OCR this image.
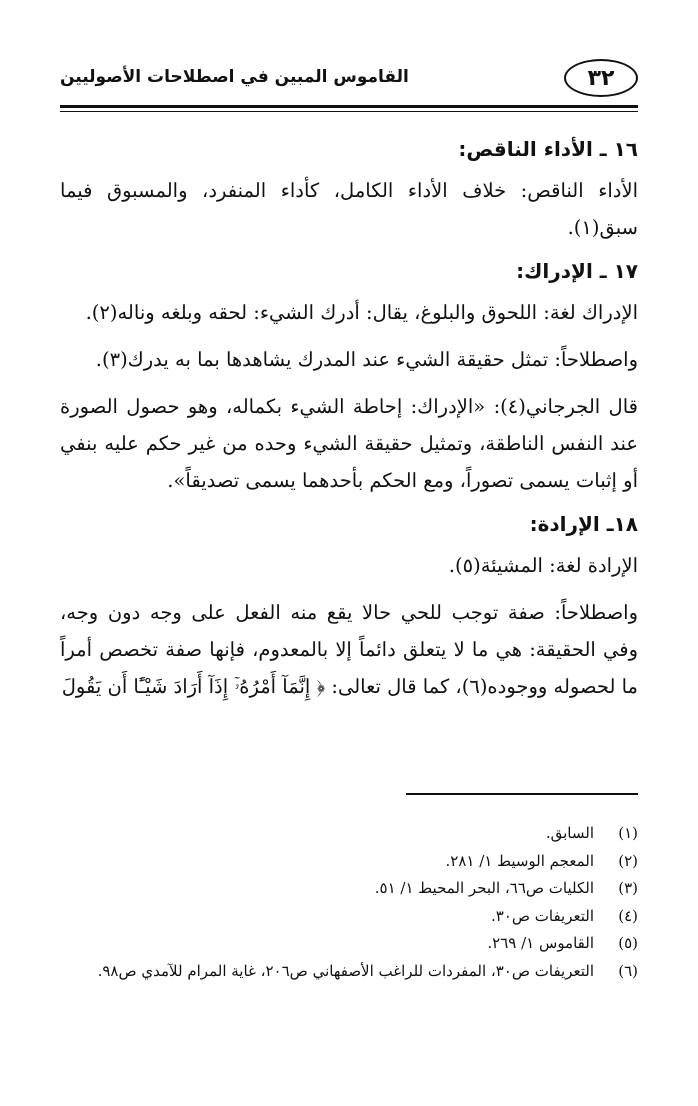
٣٢
القاموس المبين في اصطلاحات الأصوليين
١٦ ـ الأداء الناقص:

الأداء الناقص: خلاف الأداء الكامل، كأداء المنفرد، والمسبوق فيما سبق(١).

١٧ ـ الإدراك:

الإدراك لغة: اللحوق والبلوغ، يقال: أدرك الشيء: لحقه وبلغه وناله(٢).

واصطلاحاً: تمثل حقيقة الشيء عند المدرك يشاهدها بما به يدرك(٣).

قال الجرجاني(٤): «الإدراك: إحاطة الشيء بكماله، وهو حصول الصورة عند النفس الناطقة، وتمثيل حقيقة الشيء وحده من غير حكم عليه بنفي أو إثبات يسمى تصوراً، ومع الحكم بأحدهما يسمى تصديقاً».

١٨ـ الإرادة:

الإرادة لغة: المشيئة(٥).

واصطلاحاً: صفة توجب للحي حالا يقع منه الفعل على وجه دون وجه، وفي الحقيقة: هي ما لا يتعلق دائماً إلا بالمعدوم، فإنها صفة تخصص أمراً ما لحصوله ووجوده(٦)، كما قال تعالى: ﴿ إِنَّمَآ أَمْرُهُۥٓ إِذَآ أَرَادَ شَيْـًٔا أَن يَقُولَ

(١)
السابق.
(٢)
المعجم الوسيط ١/ ٢٨١.
(٣)
الكليات ص٦٦، البحر المحيط ١/ ٥١.
(٤)
التعريفات ص٣٠.
(٥)
القاموس ١/ ٢٦٩.
(٦)
التعريفات ص٣٠، المفردات للراغب الأصفهاني ص٢٠٦، غاية المرام للآمدي ص٩٨.
